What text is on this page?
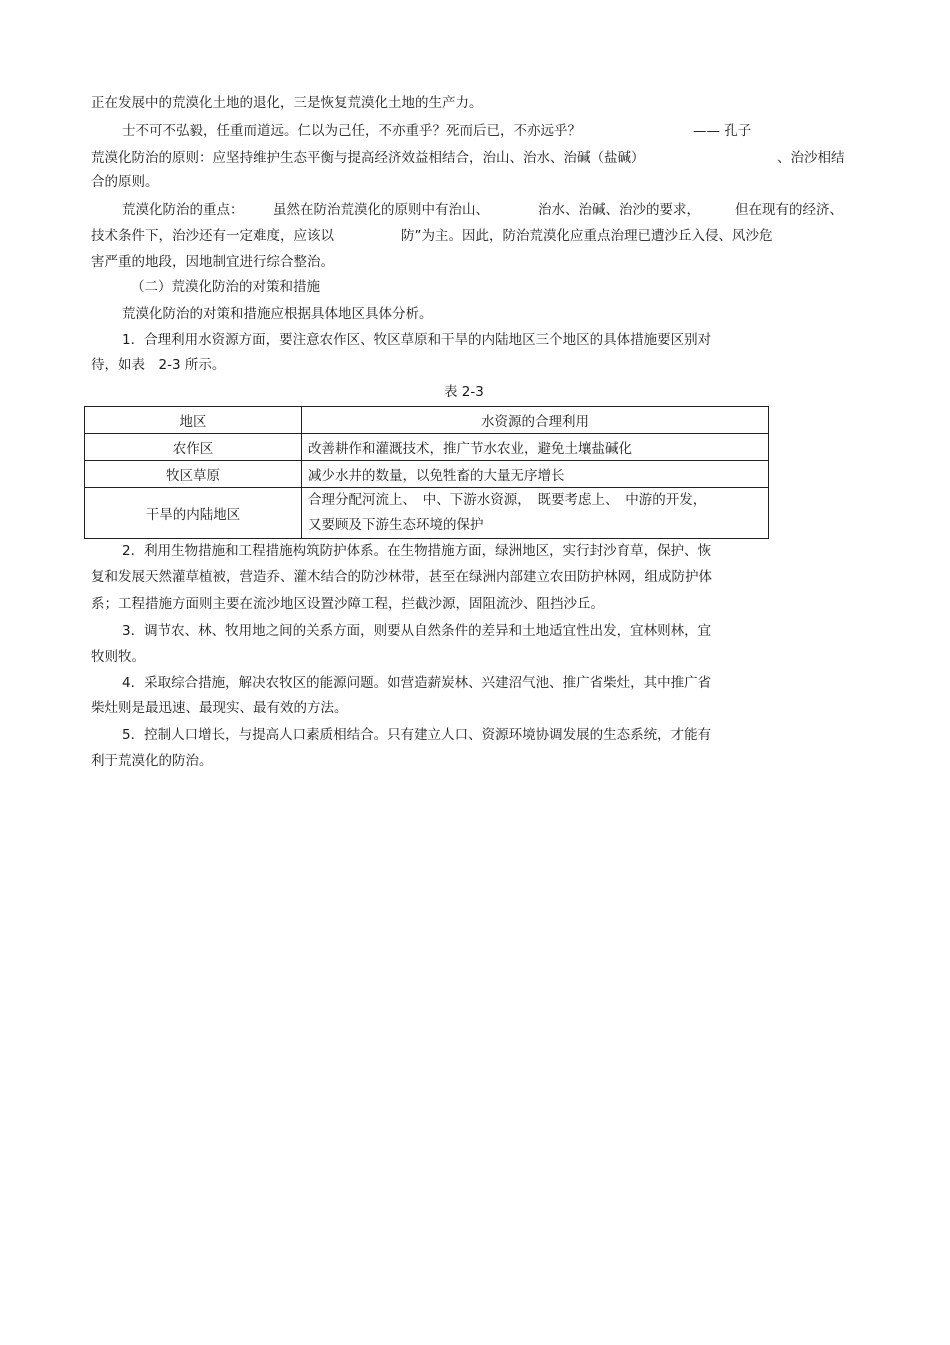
正在发展中的荒漠化土地的退化，三是恢复荒漠化土地的生产力。
士不可不弘毅，任重而道远。仁以为己任，不亦重乎？死而后已，不亦远乎？	—— 孔子
荒漠化防治的原则：应坚持维护生态平衡与提高经济效益相结合，治山、治水、治碱（盐碱）	、治沙相结
合的原则。
荒漠化防治的重点： 虽然在防治荒漠化的原则中有治山、	治水、治碱、治沙的要求，	但在现有的经济、
技术条件下，治沙还有一定难度，应该以	防”为主。因此，防治荒漠化应重点治理已遭沙丘入侵、风沙危
害严重的地段，因地制宜进行综合整治。
（二）荒漠化防治的对策和措施
荒漠化防治的对策和措施应根据具体地区具体分析。
1．合理利用水资源方面，要注意农作区、牧区草原和干旱的内陆地区三个地区的具体措施要区别对
待，如表　2-3 所示。
表 2-3
地区	水资源的合理利用
农作区	改善耕作和灌溉技术，推广节水农业，避免土壤盐碱化
牧区草原	减少水井的数量，以免牲畜的大量无序增长
干旱的内陆地区	合理分配河流上、　中、下游水资源，　既要考虑上、　中游的开发，
又要顾及下游生态环境的保护
2．利用生物措施和工程措施构筑防护体系。在生物措施方面，绿洲地区，实行封沙育草，保护、恢
复和发展天然灌草植被，营造乔、灌木结合的防沙林带，甚至在绿洲内部建立农田防护林网，组成防护体
系；工程措施方面则主要在流沙地区设置沙障工程，拦截沙源，固阻流沙、阻挡沙丘。
3．调节农、林、牧用地之间的关系方面，则要从自然条件的差异和土地适宜性出发，宜林则林，宜
牧则牧。
4．采取综合措施，解决农牧区的能源问题。如营造薪炭林、兴建沼气池、推广省柴灶，其中推广省
柴灶则是最迅速、最现实、最有效的方法。
5．控制人口增长，与提高人口素质相结合。只有建立人口、资源环境协调发展的生态系统，才能有
利于荒漠化的防治。
